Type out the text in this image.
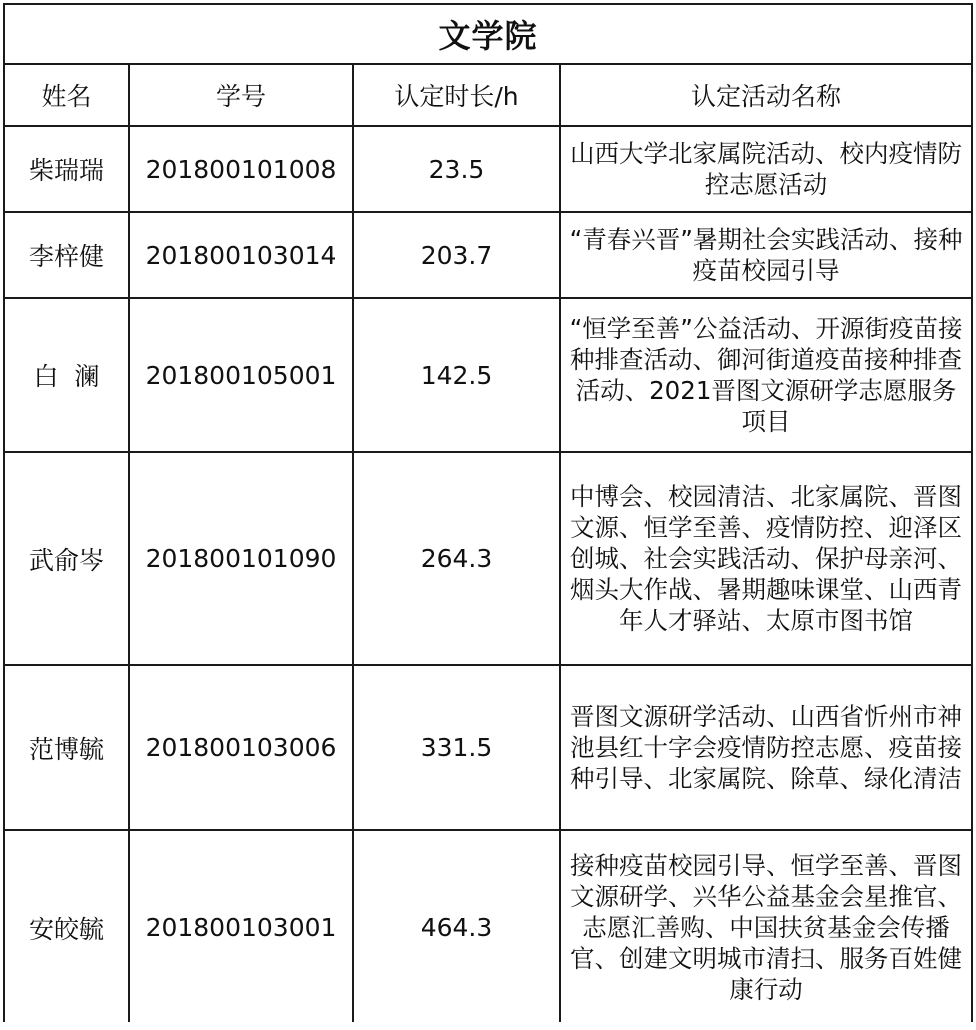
文学院			
姓名	学号	认定时长/h	认定活动名称
柴瑞瑞	201800101008	23.5	山西大学北家属院活动、校内疫情防控志愿活动
李梓健	201800103014	203.7	“青春兴晋”暑期社会实践活动、接种疫苗校园引导
白  澜	201800105001	142.5	“恒学至善”公益活动、开源街疫苗接种排查活动、御河街道疫苗接种排查活动、2021晋图文源研学志愿服务项目
武俞岑	201800101090	264.3	中博会、校园清洁、北家属院、晋图文源、恒学至善、疫情防控、迎泽区创城、社会实践活动、保护母亲河、烟头大作战、暑期趣味课堂、山西青年人才驿站、太原市图书馆
范博毓	201800103006	331.5	晋图文源研学活动、山西省忻州市神池县红十字会疫情防控志愿、疫苗接种引导、北家属院、除草、绿化清洁
安皎毓	201800103001	464.3	接种疫苗校园引导、恒学至善、晋图文源研学、兴华公益基金会星推官、志愿汇善购、中国扶贫基金会传播官、创建文明城市清扫、服务百姓健康行动
